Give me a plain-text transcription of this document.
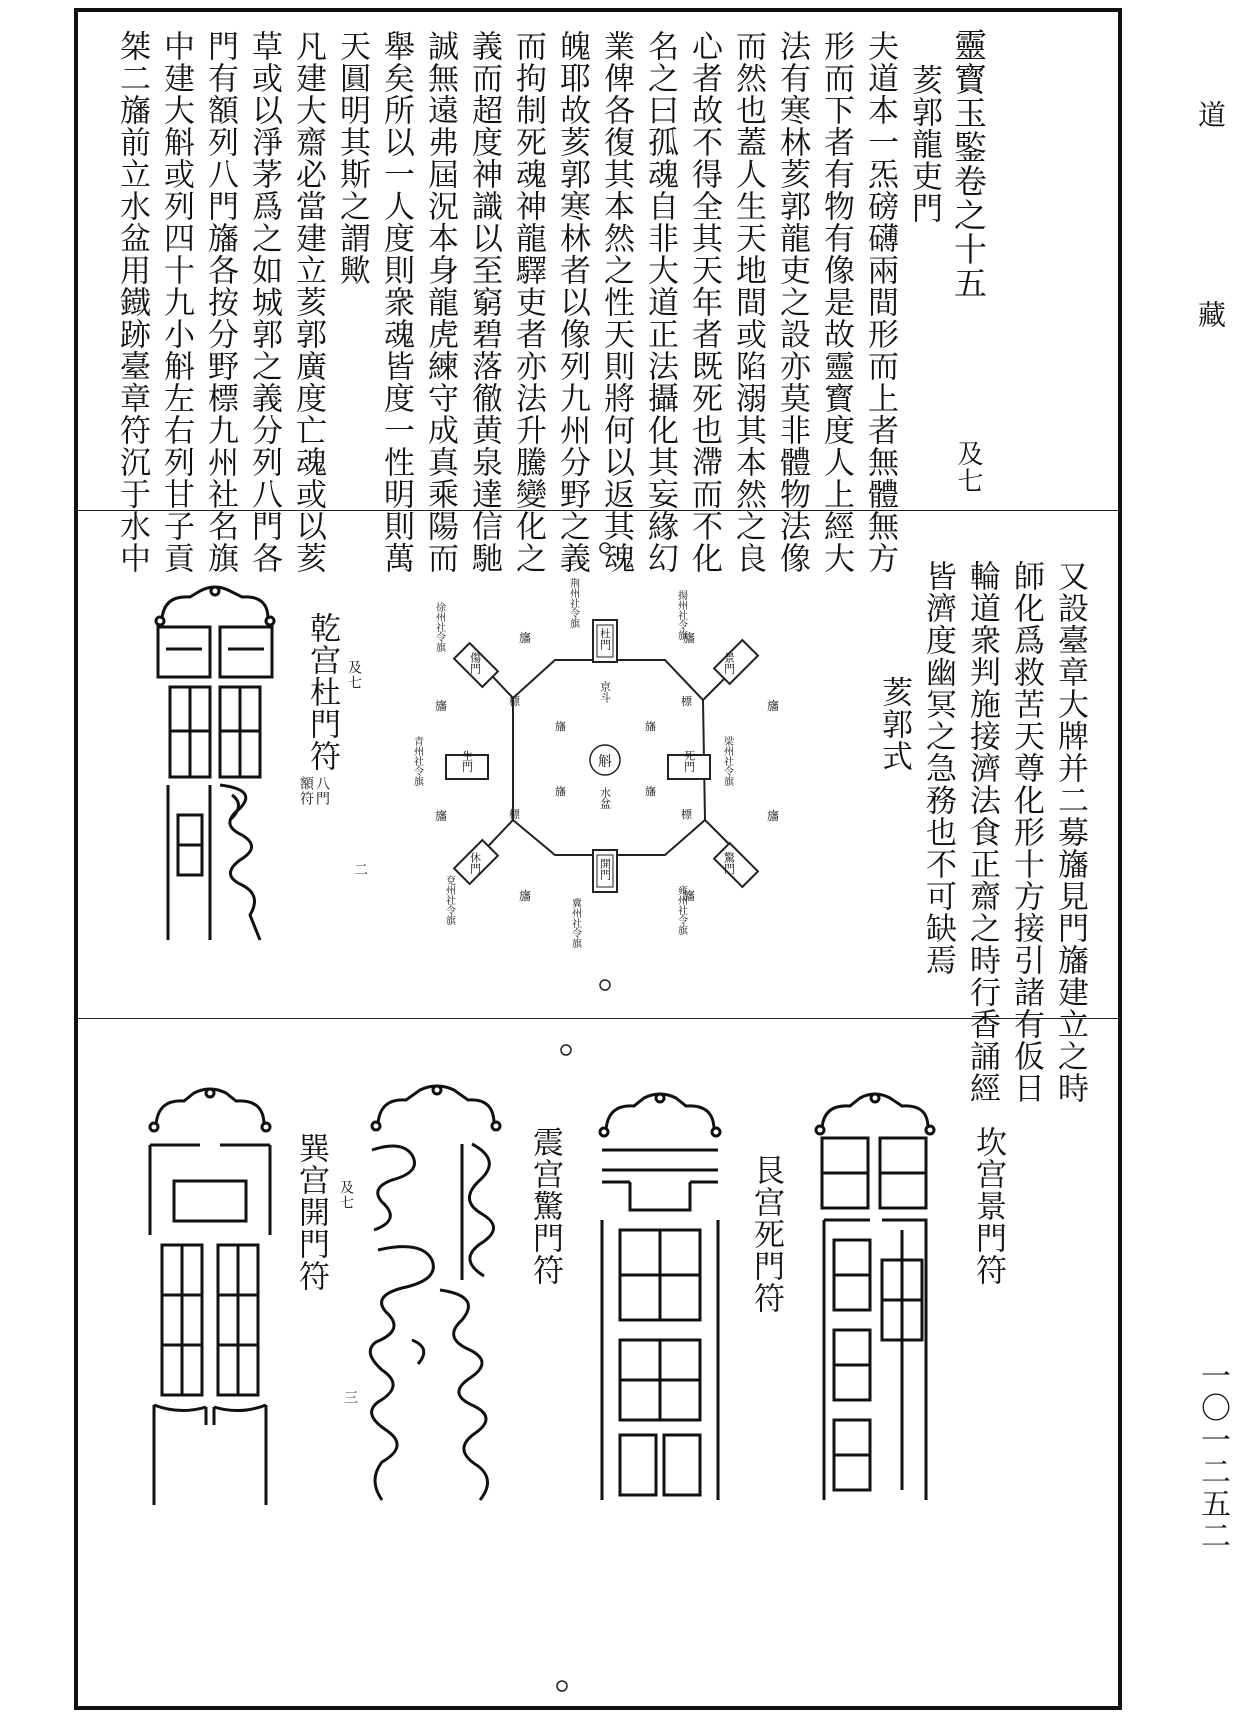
道
藏
一〇一二五二
靈寳玉鍳卷之十五
及七
荄郭龍吏門
夫道本一炁磅礴兩間形而上者無體無方
形而下者有物有像是故靈寳度人上經大
法有寒林荄郭龍吏之設亦莫非體物法像
而然也蓋人生天地間或陷溺其本然之良
心者故不得全其天年者既死也滯而不化
名之曰孤魂自非大道正法攝化其妄緣幻
業俾各復其本然之性天則將何以返其魂
魄耶故荄郭寒林者以像列九州分野之義
而拘制死魂神龍驛吏者亦法升騰變化之
義而超度神識以至窮碧落徹黄泉達信馳
誠無遠弗屆況本身龍虎練守成真乘陽而
舉矣所以一人度則衆魂皆度一性明則萬
天圓明其斯之謂歟
凡建大齋必當建立荄郭廣度亡魂或以荄
草或以淨茅爲之如城郭之義分列八門各
門有額列八門旛各按分野標九州社名旗
中建大斛或列四十九小斛左右列甘子貢
桀二旛前立水盆用鐡跡臺章符沉于水中
又設臺章大牌并二募旛見門旛建立之時
師化爲救苦天尊化形十方接引諸有仮日
輪道衆判施接濟法食正齋之時行香誦經
皆濟度幽冥之急務也不可缺焉
荄郭式
斛
水盆
亰斗
杜門
景門
死門
驚門
開門
休門
生門
傷門
荆州社令旗	揚州社令旗
梁州社令旗
雍州社令旗
冀州社令旗
兗州社令旗
青州社令旗
徐州社令旗
標	標
標	標
旛	旛
旛	旛
旛	旛
旛	旛
旛	旛
旛	旛
乾宫杜門符 及七
八門
額符
二
坎宫景門符
艮宫死門符
震宫驚門符
三
巽宫開門符 及七
